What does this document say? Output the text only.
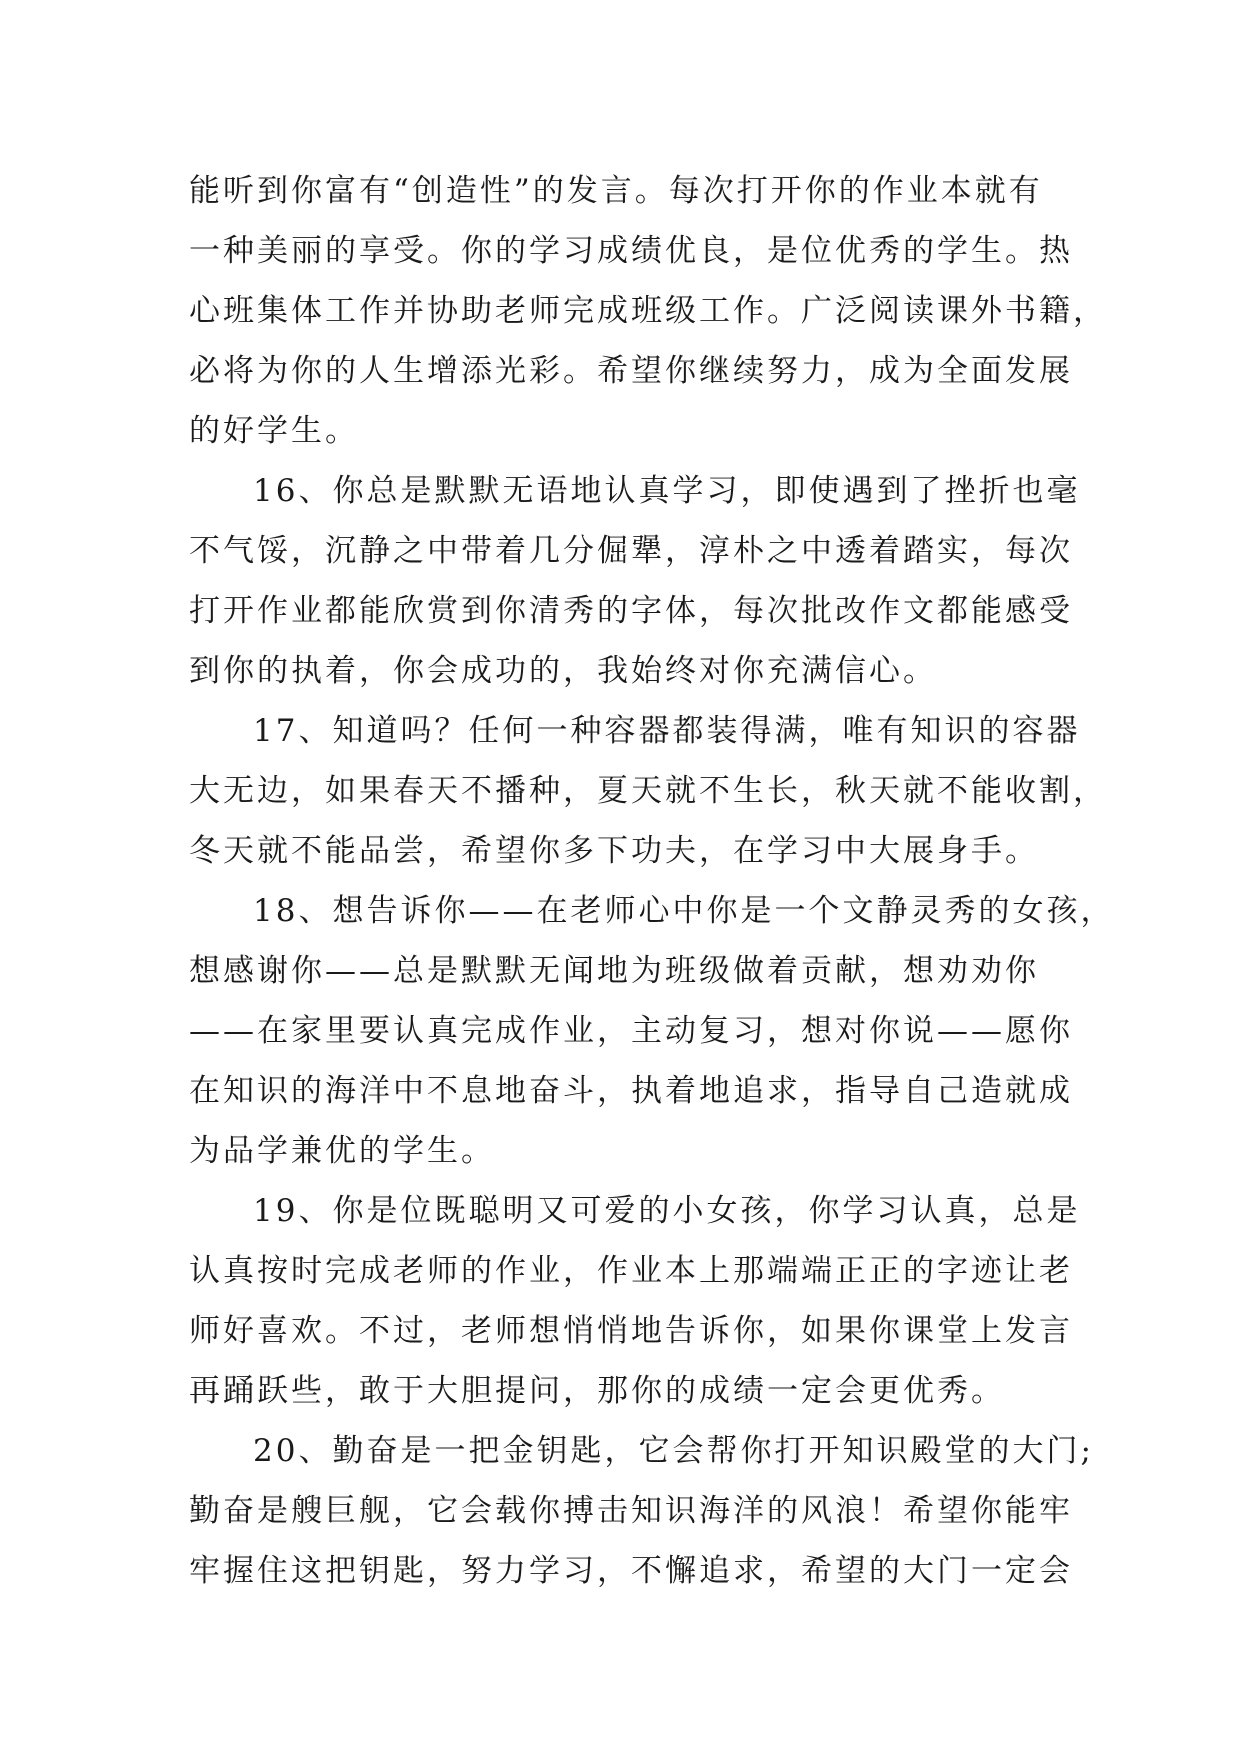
能听到你富有“创造性”的发言。每次打开你的作业本就有
一种美丽的享受。你的学习成绩优良，是位优秀的学生。热
心班集体工作并协助老师完成班级工作。广泛阅读课外书籍，
必将为你的人生增添光彩。希望你继续努力，成为全面发展
的好学生。
16、你总是默默无语地认真学习，即使遇到了挫折也毫
不气馁，沉静之中带着几分倔犟，淳朴之中透着踏实，每次
打开作业都能欣赏到你清秀的字体，每次批改作文都能感受
到你的执着，你会成功的，我始终对你充满信心。
17、知道吗？任何一种容器都装得满，唯有知识的容器
大无边，如果春天不播种，夏天就不生长，秋天就不能收割，
冬天就不能品尝，希望你多下功夫，在学习中大展身手。
18、想告诉你——在老师心中你是一个文静灵秀的女孩，
想感谢你——总是默默无闻地为班级做着贡献，想劝劝你
——在家里要认真完成作业，主动复习，想对你说——愿你
在知识的海洋中不息地奋斗，执着地追求，指导自己造就成
为品学兼优的学生。
19、你是位既聪明又可爱的小女孩，你学习认真，总是
认真按时完成老师的作业，作业本上那端端正正的字迹让老
师好喜欢。不过，老师想悄悄地告诉你，如果你课堂上发言
再踊跃些，敢于大胆提问，那你的成绩一定会更优秀。
20、勤奋是一把金钥匙，它会帮你打开知识殿堂的大门;
勤奋是艘巨舰，它会载你搏击知识海洋的风浪！希望你能牢
牢握住这把钥匙，努力学习，不懈追求，希望的大门一定会
